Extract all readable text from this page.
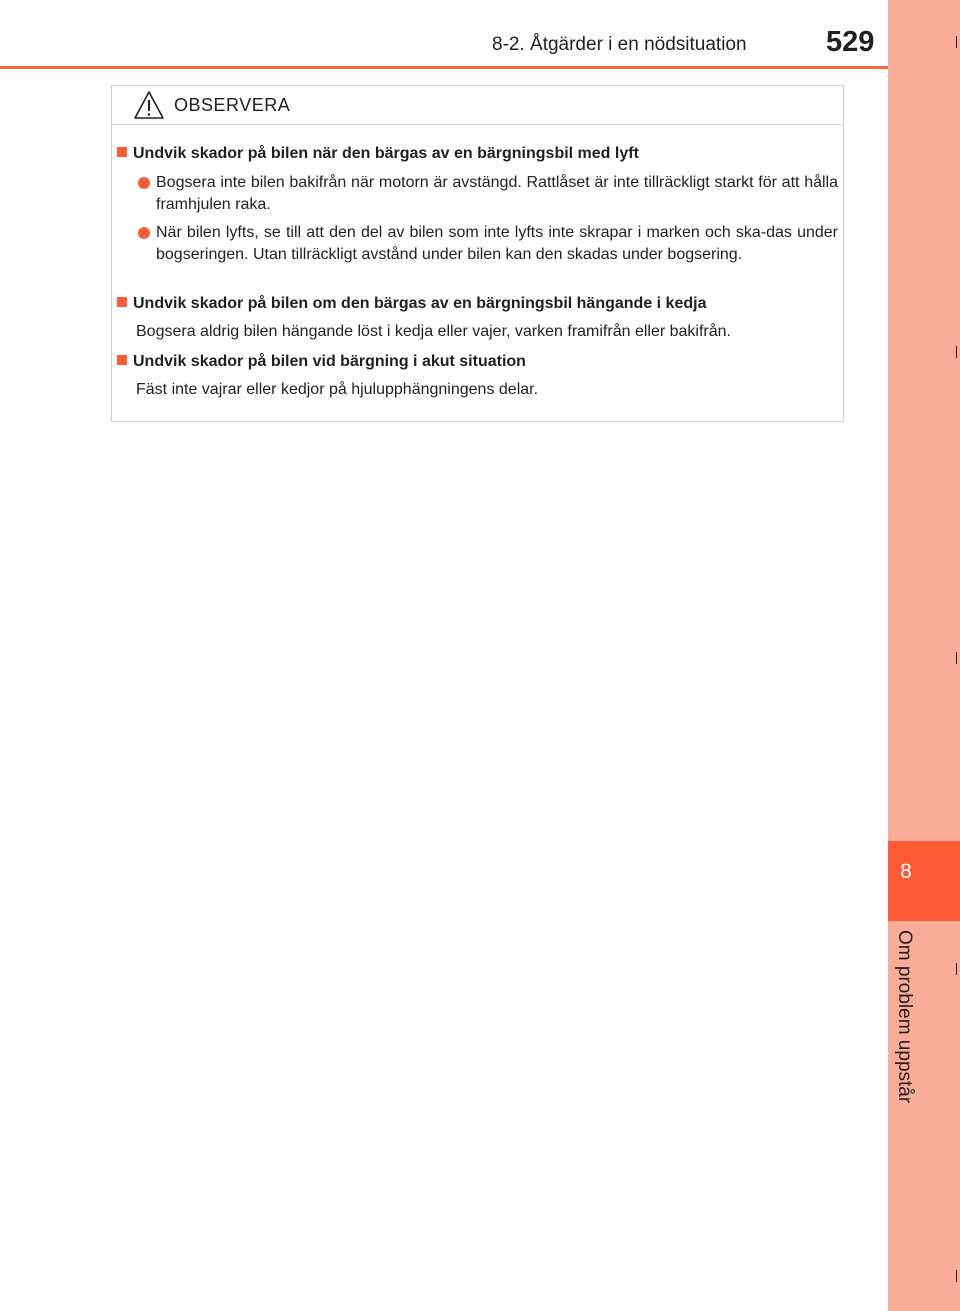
8
Om problem uppstår
8-2. Åtgärder i en nödsituation	529
OBSERVERA
Undvik skador på bilen när den bärgas av en bärgningsbil med lyft
Bogsera inte bilen bakifrån när motorn är avstängd. Rattlåset är inte tillräckligt starkt för att hålla framhjulen raka.
När bilen lyfts, se till att den del av bilen som inte lyfts inte skrapar i marken och ska-das under bogseringen. Utan tillräckligt avstånd under bilen kan den skadas under bogsering.
Undvik skador på bilen om den bärgas av en bärgningsbil hängande i kedja
Bogsera aldrig bilen hängande löst i kedja eller vajer, varken framifrån eller bakifrån.
Undvik skador på bilen vid bärgning i akut situation
Fäst inte vajrar eller kedjor på hjulupphängningens delar.
